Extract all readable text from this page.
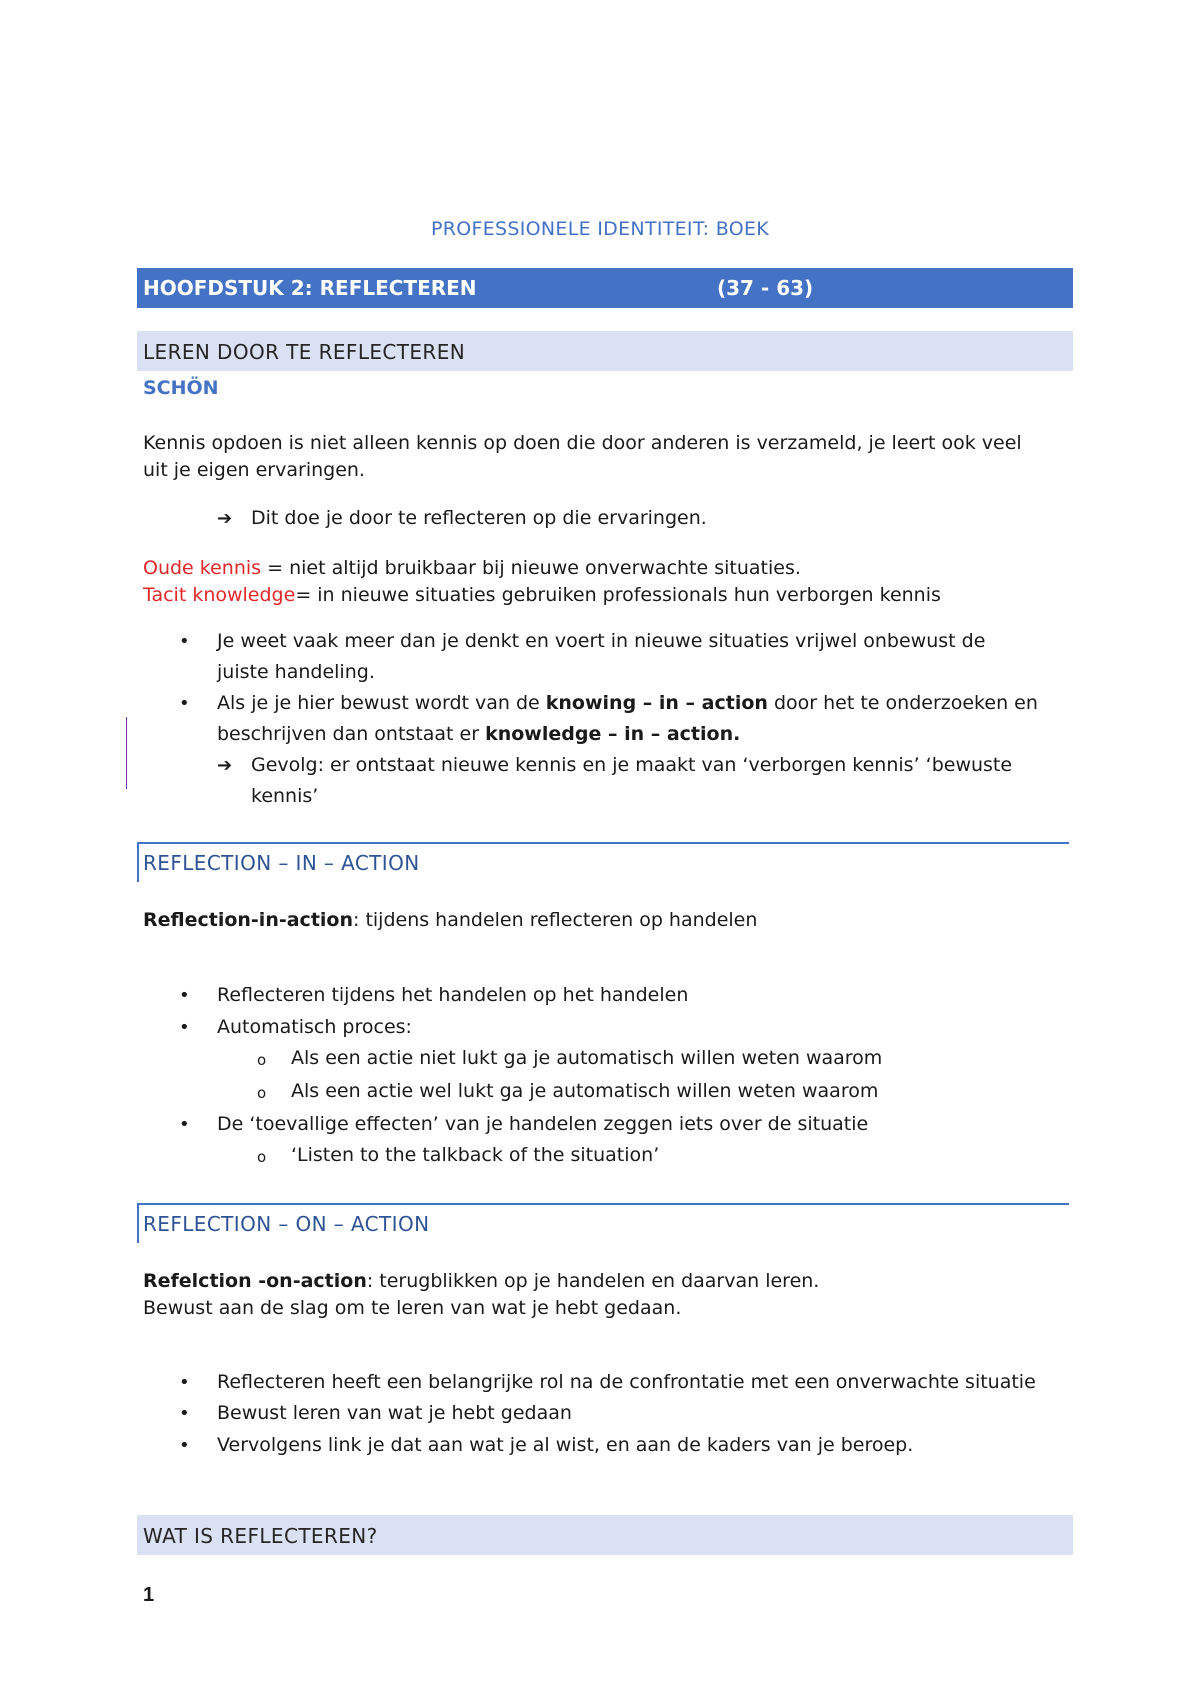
PROFESSIONELE IDENTITEIT: BOEK
HOOFDSTUK 2: REFLECTEREN	(37 - 63)
LEREN DOOR TE REFLECTEREN
SCHÖN
Kennis opdoen is niet alleen kennis op doen die door anderen is verzameld, je leert ook veel
uit je eigen ervaringen.
➔ Dit doe je door te reflecteren op die ervaringen.
Oude kennis = niet altijd bruikbaar bij nieuwe onverwachte situaties.
Tacit knowledge= in nieuwe situaties gebruiken professionals hun verborgen kennis
• Je weet vaak meer dan je denkt en voert in nieuwe situaties vrijwel onbewust de
juiste handeling.
• Als je je hier bewust wordt van de knowing – in – action door het te onderzoeken en
beschrijven dan ontstaat er knowledge – in – action.
➔ Gevolg: er ontstaat nieuwe kennis en je maakt van ‘verborgen kennis’ ‘bewuste
kennis’
REFLECTION – IN – ACTION
Reflection-in-action: tijdens handelen reflecteren op handelen
• Reflecteren tijdens het handelen op het handelen
• Automatisch proces:
o Als een actie niet lukt ga je automatisch willen weten waarom
o Als een actie wel lukt ga je automatisch willen weten waarom
• De ‘toevallige effecten’ van je handelen zeggen iets over de situatie
o ‘Listen to the talkback of the situation’
REFLECTION – ON – ACTION
Refelction -on-action: terugblikken op je handelen en daarvan leren.
Bewust aan de slag om te leren van wat je hebt gedaan.
• Reflecteren heeft een belangrijke rol na de confrontatie met een onverwachte situatie
• Bewust leren van wat je hebt gedaan
• Vervolgens link je dat aan wat je al wist, en aan de kaders van je beroep.
WAT IS REFLECTEREN?
1
